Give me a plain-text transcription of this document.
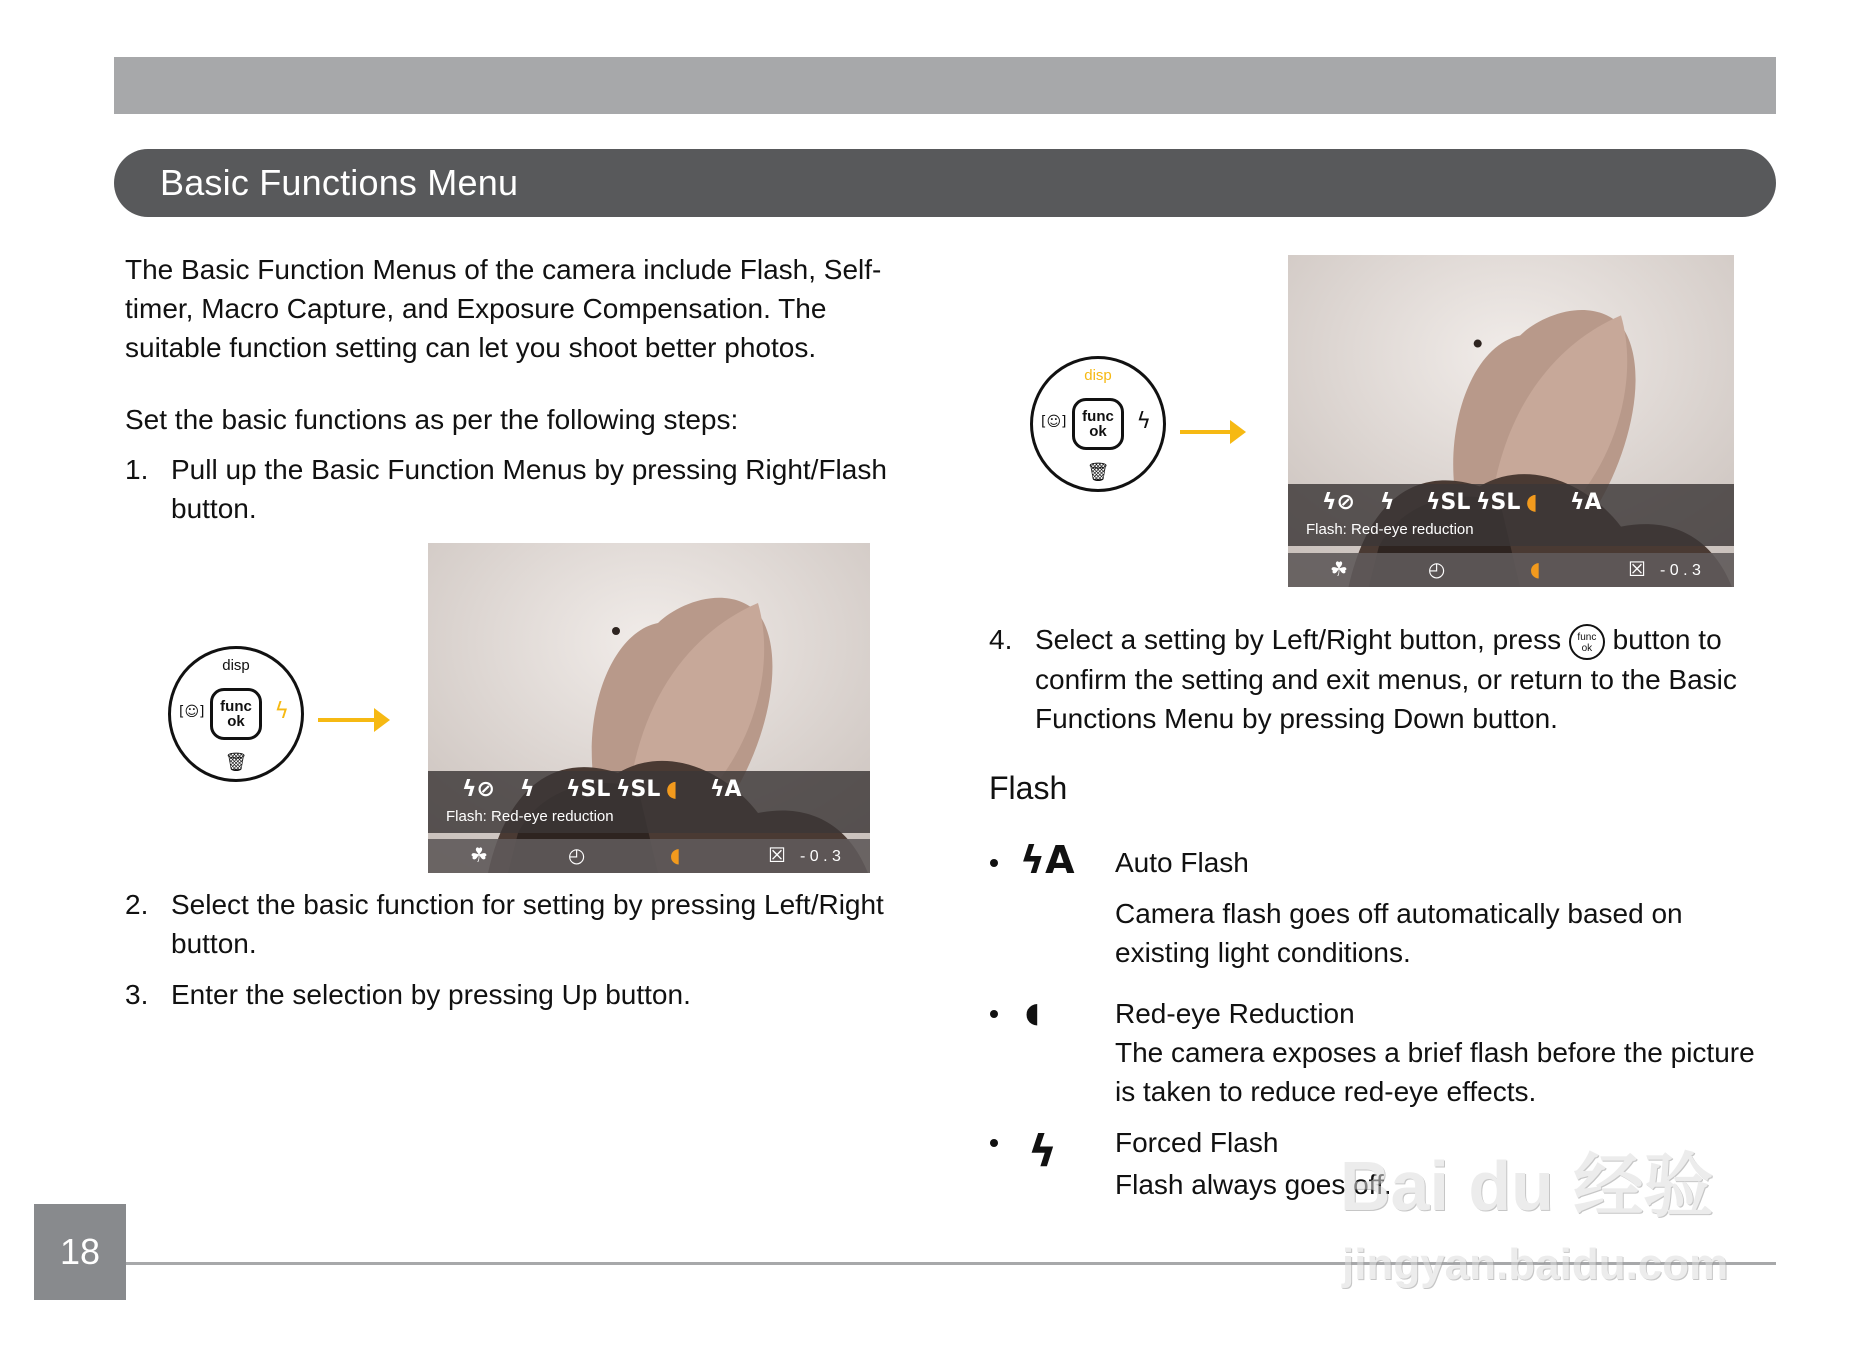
Basic Functions Menu
The Basic Function Menus of the camera include Flash, Self-timer, Macro Capture, and Exposure Compensation. The suitable function setting can let you shoot better photos.
Set the basic functions as per the following steps:
1. Pull up the Basic Function Menus by pressing Right/Flash button.
disp
[☺]	func
ok	ϟ
🗑
ϟ⊘ ϟ ϟSL ϟSL ◖ ϟA
Flash: Red-eye reduction
☘	◴	◖	☒ - 0 . 3
2. Select the basic function for setting by pressing Left/Right button.
3. Enter the selection by pressing Up button.
disp
[☺]	func
ok	ϟ
🗑
ϟ⊘ ϟ ϟSL ϟSL ◖ ϟA
Flash: Red-eye reduction
☘	◴	◖	☒ - 0 . 3
4. Select a setting by Left/Right button, press func
ok button to confirm the setting and exit menus, or return to the Basic Functions Menu by pressing Down button.
Flash
ϟA Auto Flash
Camera flash goes off automatically based on existing light conditions.
◖	Red-eye Reduction
The camera exposes a brief flash before the picture is taken to reduce red-eye effects.
ϟ Forced Flash
Flash always goes off.
18
Bai du 经验
jingyan.baidu.com
